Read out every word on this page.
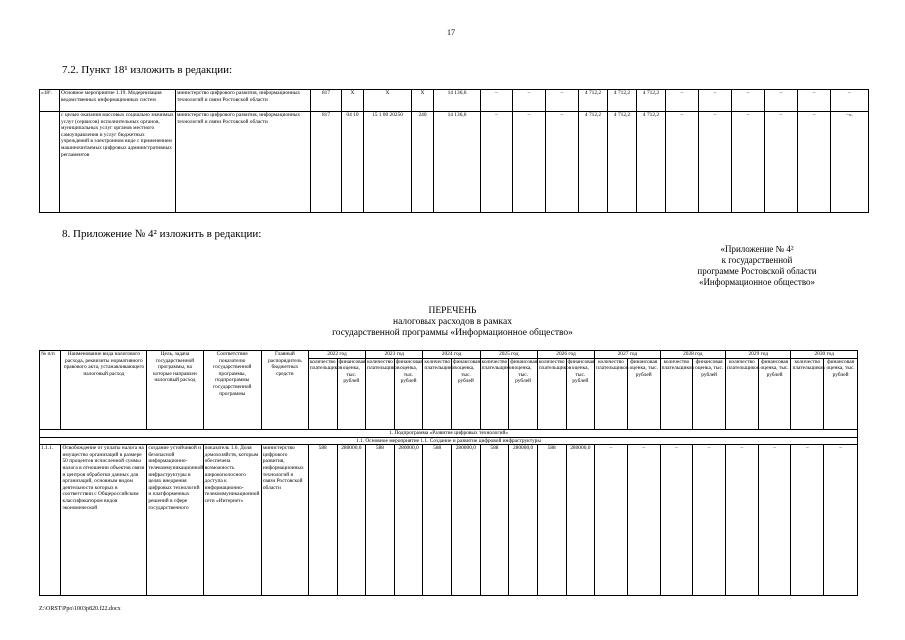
17
7.2. Пункт 18¹ изложить в редакции:
«18¹.	Основное мероприятие 1.19. Модернизация ведомственных информационных систем	министерство цифрового развития, информационных технологий и связи Ростовской области	817	Х	Х	Х	14 136,6	–	–	–	4 712,2	4 712,2	4 712,2	–	–	–	–	–	–
	с целью оказания массовых социально значимых услуг (сервисов) исполнительных органов, муниципальных услуг органов местного самоуправления и услуг бюджетных учреждений в электронном виде с применением машиночитаемых цифровых административных регламентов	министерство цифрового развития, информационных технологий и связи Ростовской области	817	04 10	15 1 00 20250	240	14 136,6	–	–	–	4 712,2	4 712,2	4 712,2	–	–	–	–	–	–».
8. Приложение № 4² изложить в редакции:
«Приложение № 4²
к государственной
программе Ростовской области
«Информационное общество»
ПЕРЕЧЕНЬ
налоговых расходов в рамках
государственной программы «Информационное общество»
№ п/п	Наименование вида налогового расхода, реквизиты нормативного правового акта, устанавливающего налоговый расход	Цель, задача государственной программы, на которые направлен налоговый расход	Соответствие показателю государственной программы, подпрограммы государственной программы	Главный распорядитель бюджетных средств	2022 год		2023 год		2024 год		2025 год		2026 год		2027 год		2028 год		2029 год		2030 год	
					количество плательщиков	финансовая оценка, тыс. рублей	количество плательщиков	финансовая оценка, тыс. рублей	количество плательщиков	финансовая оценка, тыс. рублей	количество плательщиков	финансовая оценка, тыс. рублей	количество плательщиков	финансовая оценка, тыс. рублей	количество плательщиков	финансовая оценка, тыс. рублей	количество плательщиков	финансовая оценка, тыс. рублей	количество плательщиков	финансовая оценка, тыс. рублей	количество плательщиков	финансовая оценка, тыс. рублей

1. Подпрограмма «Развитие цифровых технологий»																						
1.1. Основное мероприятие 1.1. Создание и развитие цифровой инфраструктуры																						
1.1.1.	Освобождение от уплаты налога на имущество организаций в размере 50 процентов исчисленной суммы налога в отношении объектов связи и центров обработки данных для организаций, основным видом деятельности которых в соответствии с Общероссийским классификатором видов экономической	создание устойчивой и безопасной информационно-телекоммуникационной инфраструктуры в целях внедрения цифровых технологий и платформенных решений в сфере государственного	показатель 1.6. Доля домохозяйств, которым обеспечена возможность широкополосного доступа к информационно-телекоммуникационной сети «Интернет»	министерство цифрового развития, информационных технологий и связи Ростовской области	588	280000,0	588	280000,0	588	280000,0	588	280000,0	588	280000,0	–	–	–	–	–	–	–	–
Z:\ORST\Ppo\1003p820.f22.docx
